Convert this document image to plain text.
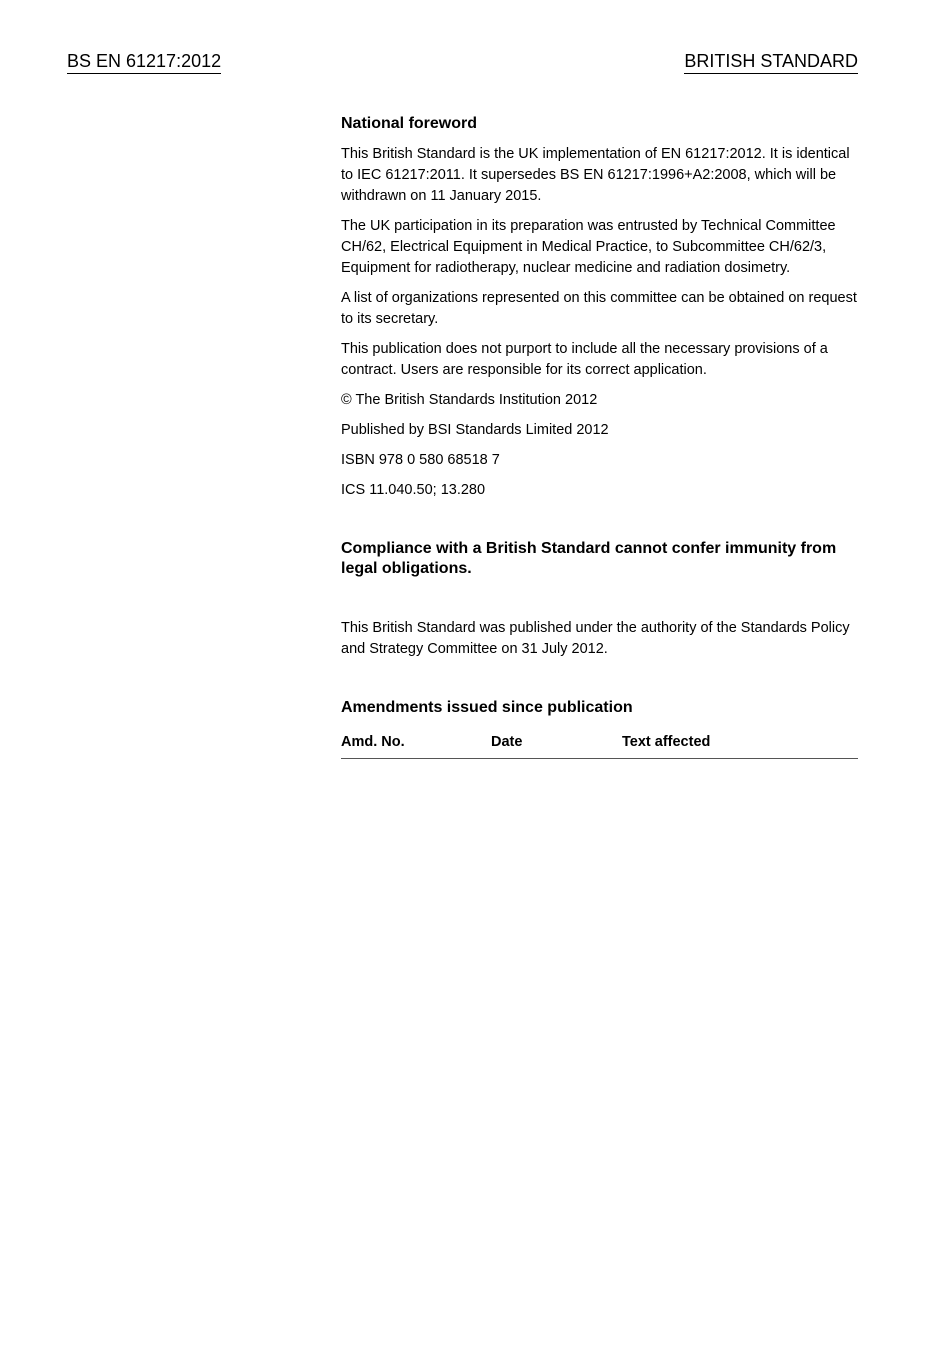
BS EN 61217:2012	BRITISH STANDARD

National foreword

This British Standard is the UK implementation of EN 61217:2012. It is identical to IEC 61217:2011. It supersedes BS EN 61217:1996+A2:2008, which will be withdrawn on 11 January 2015.

The UK participation in its preparation was entrusted by Technical Committee CH/62, Electrical Equipment in Medical Practice, to Subcommittee CH/62/3, Equipment for radiotherapy, nuclear medicine and radiation dosimetry.

A list of organizations represented on this committee can be obtained on request to its secretary.

This publication does not purport to include all the necessary provisions of a contract. Users are responsible for its correct application.

© The British Standards Institution 2012

Published by BSI Standards Limited 2012

ISBN 978 0 580 68518 7

ICS 11.040.50; 13.280

Compliance with a British Standard cannot confer immunity from legal obligations.

This British Standard was published under the authority of the Standards Policy and Strategy Committee on 31 July 2012.

Amendments issued since publication

Amd. No.	Date	Text affected
